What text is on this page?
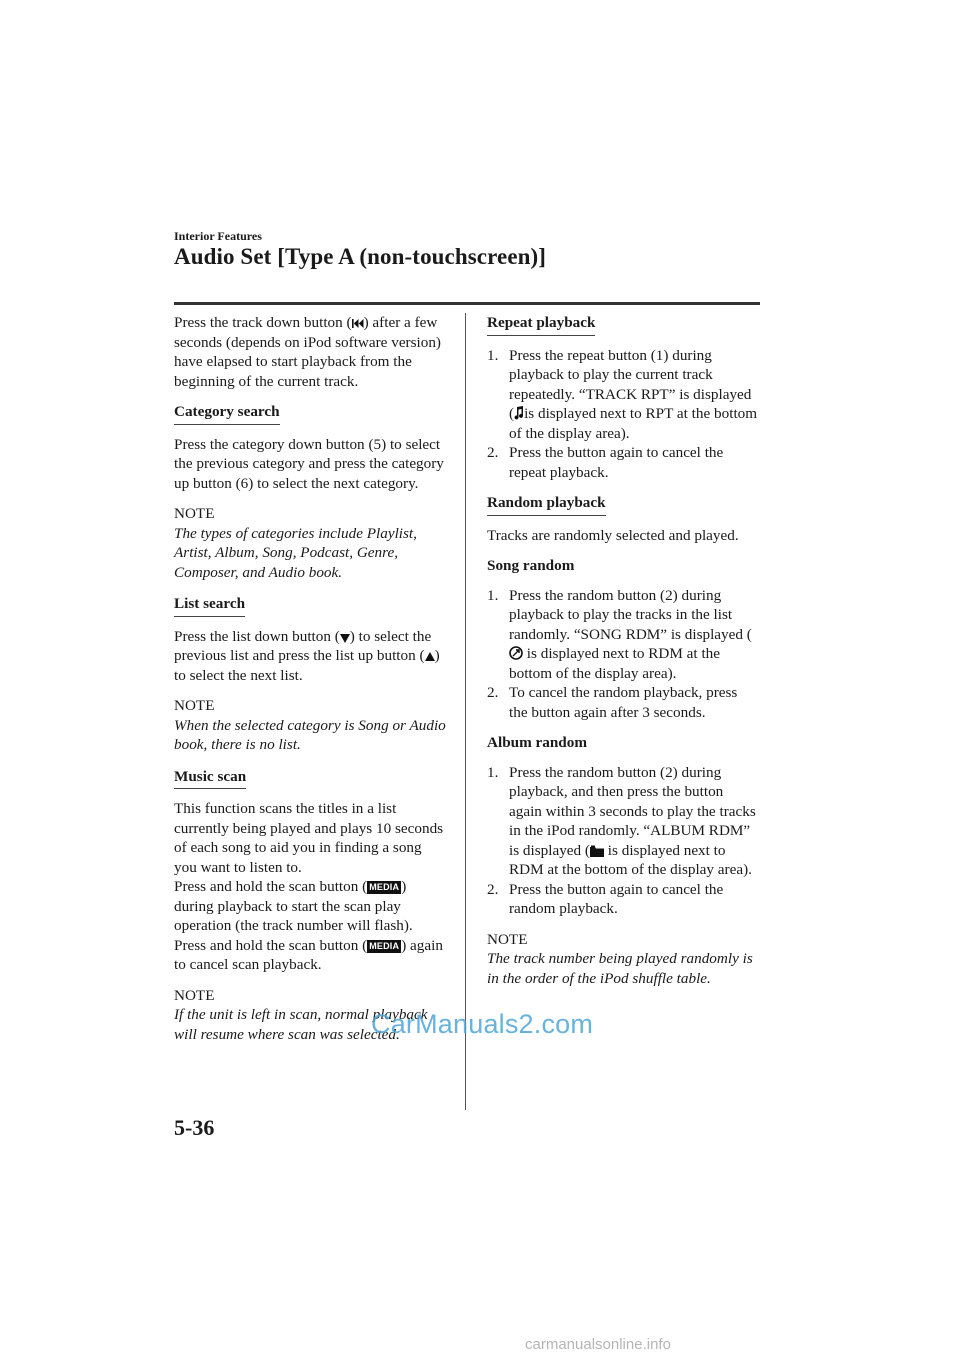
Interior Features
Audio Set [Type A (non-touchscreen)]

Press the track down button ( ) after a few seconds (depends on iPod software version) have elapsed to start playback from the beginning of the current track.

Category search

Press the category down button (5) to select the previous category and press the category up button (6) to select the next category.

NOTE
The types of categories include Playlist, Artist, Album, Song, Podcast, Genre, Composer, and Audio book.
List search

Press the list down button ( ) to select the previous list and press the list up button ( ) to select the next list.

NOTE
When the selected category is Song or Audio book, there is no list.
Music scan

This function scans the titles in a list currently being played and plays 10 seconds of each song to aid you in finding a song you want to listen to.

Press and hold the scan button ( MEDIA ) during playback to start the scan play operation (the track number will flash).

Press and hold the scan button ( MEDIA ) again to cancel scan playback.

NOTE
If the unit is left in scan, normal playback will resume where scan was selected.
Repeat playback
1. Press the repeat button (1) during playback to play the current track repeatedly. “TRACK RPT” is displayed ( is displayed next to RPT at the bottom of the display area).
2. Press the button again to cancel the repeat playback.
Random playback

Tracks are randomly selected and played.

Song random
1. Press the random button (2) during playback to play the tracks in the list randomly. “SONG RDM” is displayed ( is displayed next to RDM at the bottom of the display area).
2. To cancel the random playback, press the button again after 3 seconds.
Album random
1. Press the random button (2) during playback, and then press the button again within 3 seconds to play the tracks in the iPod randomly. “ALBUM RDM” is displayed ( is displayed next to RDM at the bottom of the display area).
2. Press the button again to cancel the random playback.
NOTE
The track number being played randomly is in the order of the iPod shuffle table.
CarManuals2.com
5-36
carmanualsonline.info
